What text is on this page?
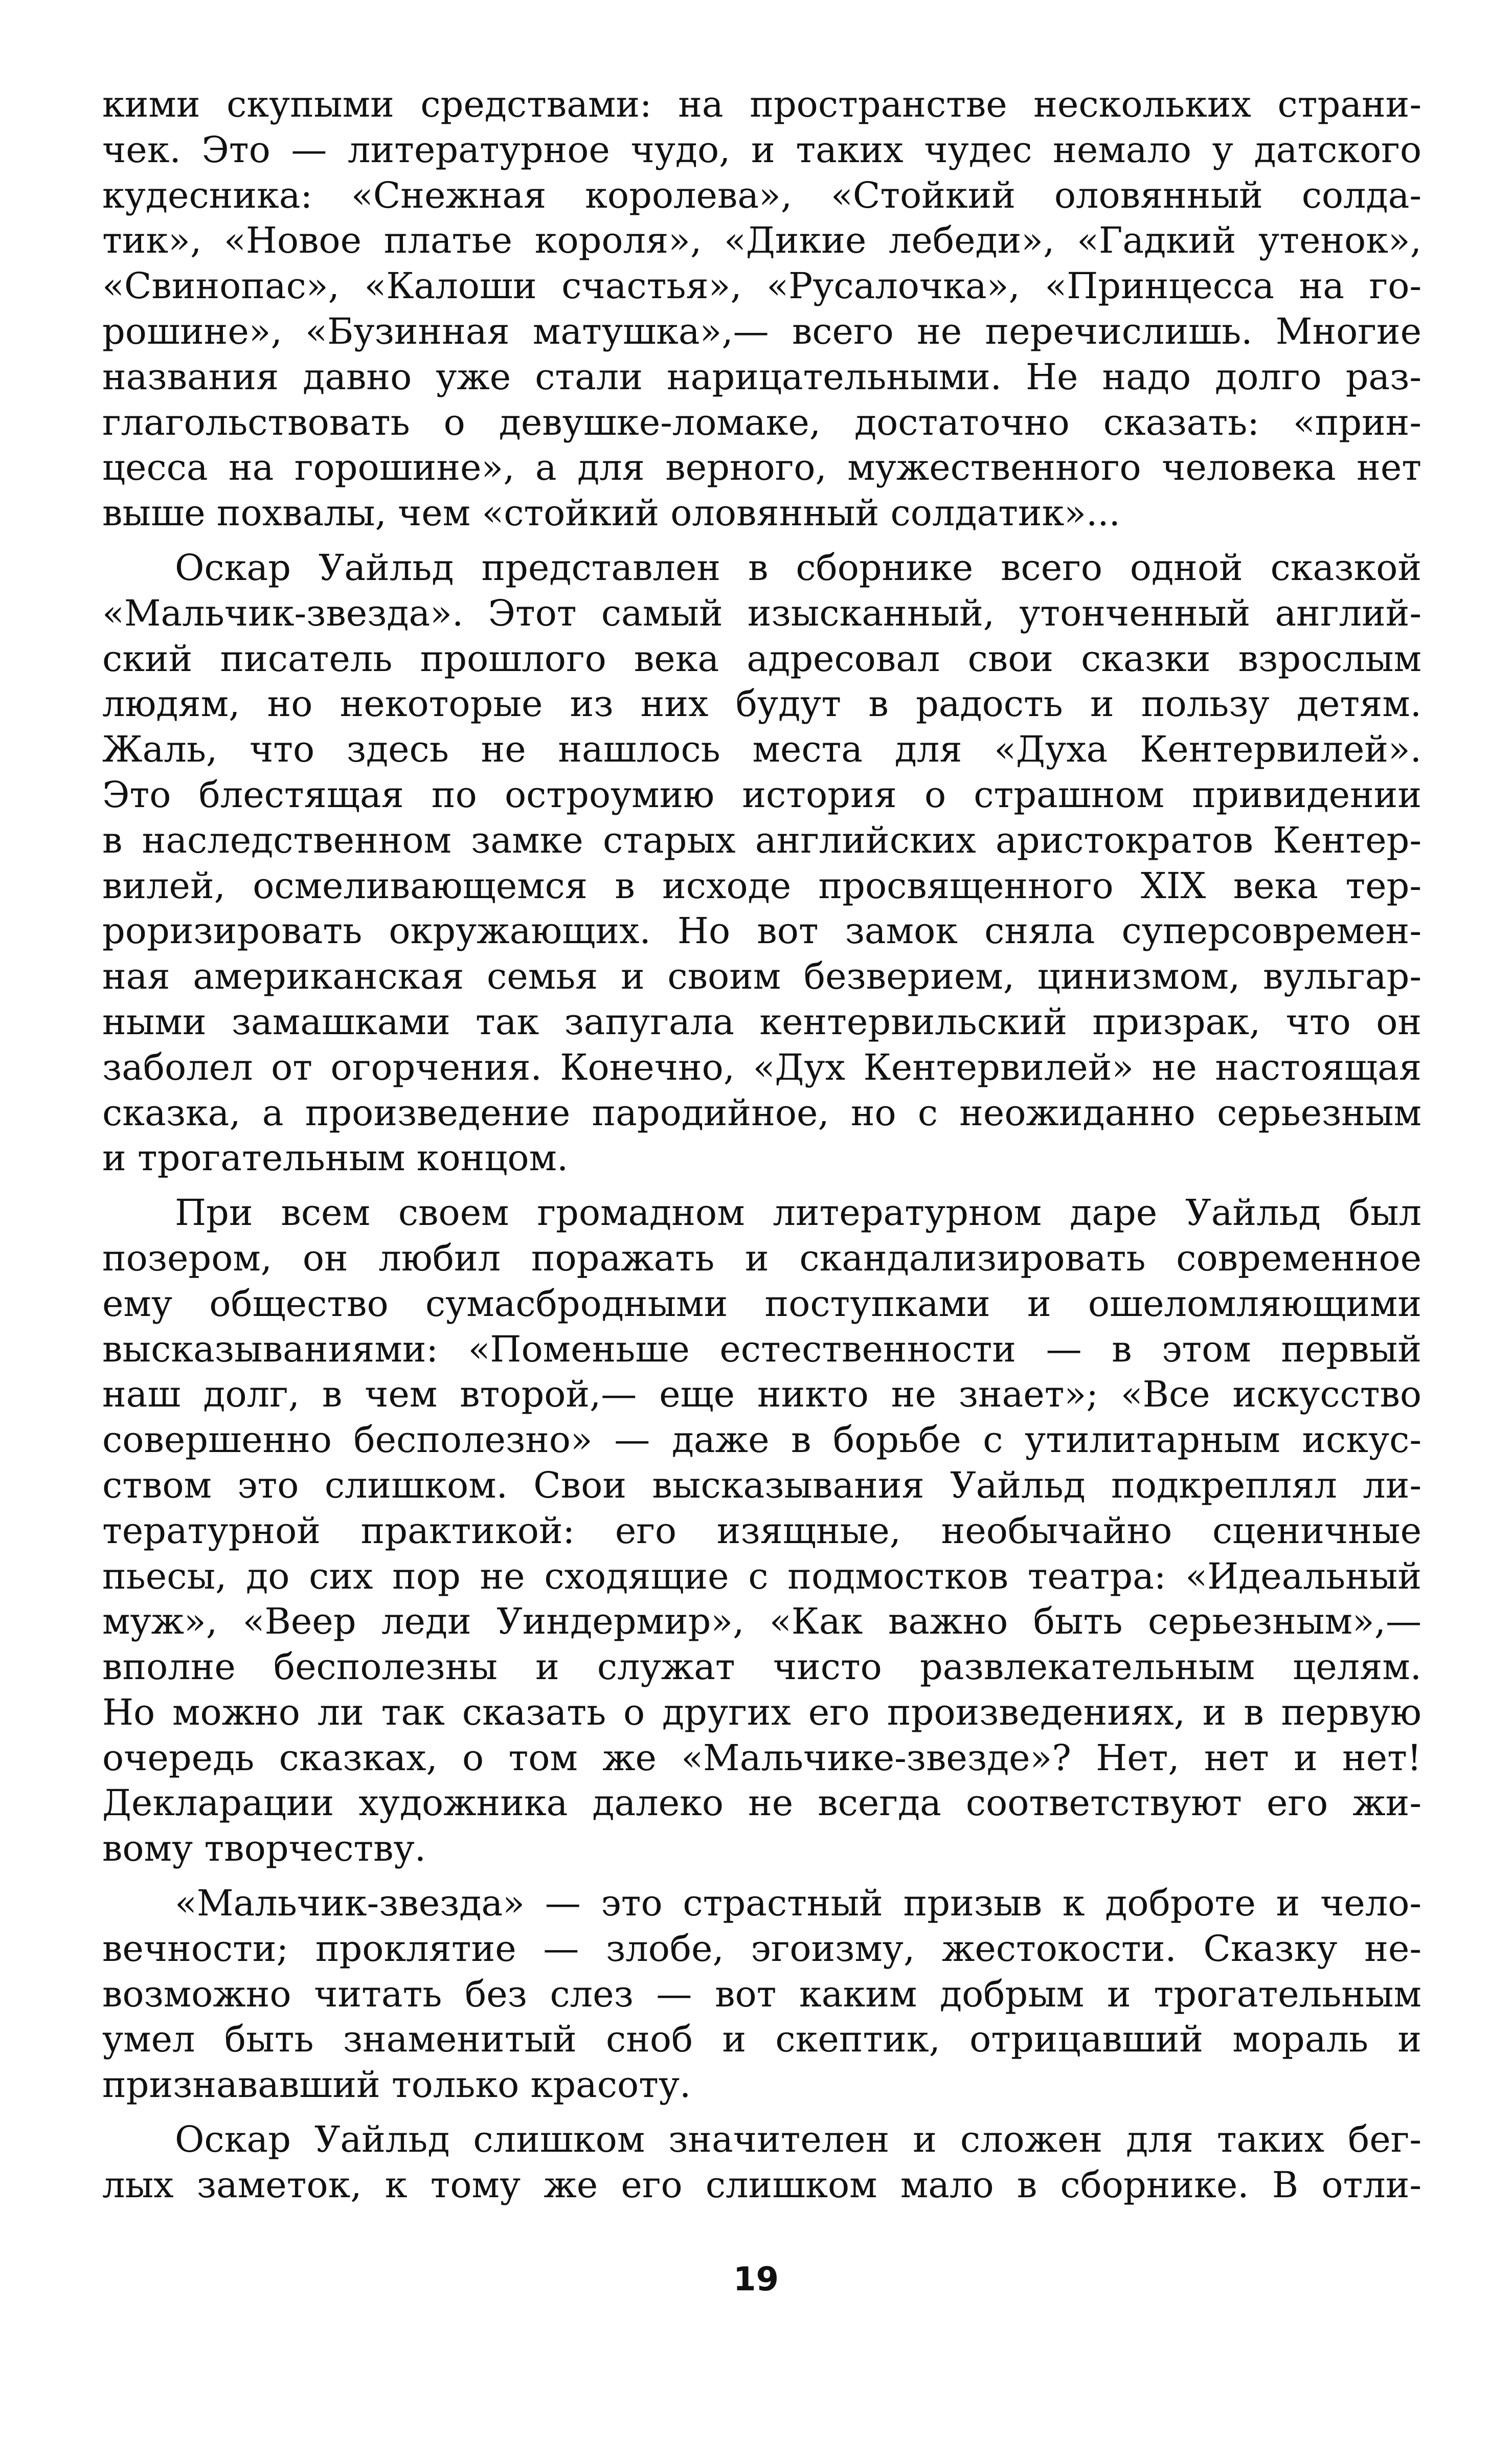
кими скупыми средствами: на пространстве нескольких страни-
чек. Это — литературное чудо, и таких чудес немало у датского
кудесника: «Снежная королева», «Стойкий оловянный солда-
тик», «Новое платье короля», «Дикие лебеди», «Гадкий утенок»,
«Свинопас», «Калоши счастья», «Русалочка», «Принцесса на го-
рошине», «Бузинная матушка»,— всего не перечислишь. Многие
названия давно уже стали нарицательными. Не надо долго раз-
глагольствовать о девушке-ломаке, достаточно сказать: «прин-
цесса на горошине», а для верного, мужественного человека нет
выше похвалы, чем «стойкий оловянный солдатик»...
Оскар Уайльд представлен в сборнике всего одной сказкой
«Мальчик-звезда». Этот самый изысканный, утонченный англий-
ский писатель прошлого века адресовал свои сказки взрослым
людям, но некоторые из них будут в радость и пользу детям.
Жаль, что здесь не нашлось места для «Духа Кентервилей».
Это блестящая по остроумию история о страшном привидении
в наследственном замке старых английских аристократов Кентер-
вилей, осмеливающемся в исходе просвященного XIX века тер-
роризировать окружающих. Но вот замок сняла суперсовремен-
ная американская семья и своим безверием, цинизмом, вульгар-
ными замашками так запугала кентервильский призрак, что он
заболел от огорчения. Конечно, «Дух Кентервилей» не настоящая
сказка, а произведение пародийное, но с неожиданно серьезным
и трогательным концом.
При всем своем громадном литературном даре Уайльд был
позером, он любил поражать и скандализировать современное
ему общество сумасбродными поступками и ошеломляющими
высказываниями: «Поменьше естественности — в этом первый
наш долг, в чем второй,— еще никто не знает»; «Все искусство
совершенно бесполезно» — даже в борьбе с утилитарным искус-
ством это слишком. Свои высказывания Уайльд подкреплял ли-
тературной практикой: его изящные, необычайно сценичные
пьесы, до сих пор не сходящие с подмостков театра: «Идеальный
муж», «Веер леди Уиндермир», «Как важно быть серьезным»,—
вполне бесполезны и служат чисто развлекательным целям.
Но можно ли так сказать о других его произведениях, и в первую
очередь сказках, о том же «Мальчике-звезде»? Нет, нет и нет!
Декларации художника далеко не всегда соответствуют его жи-
вому творчеству.
«Мальчик-звезда» — это страстный призыв к доброте и чело-
вечности; проклятие — злобе, эгоизму, жестокости. Сказку не-
возможно читать без слез — вот каким добрым и трогательным
умел быть знаменитый сноб и скептик, отрицавший мораль и
признававший только красоту.
Оскар Уайльд слишком значителен и сложен для таких бег-
лых заметок, к тому же его слишком мало в сборнике. В отли-
19
